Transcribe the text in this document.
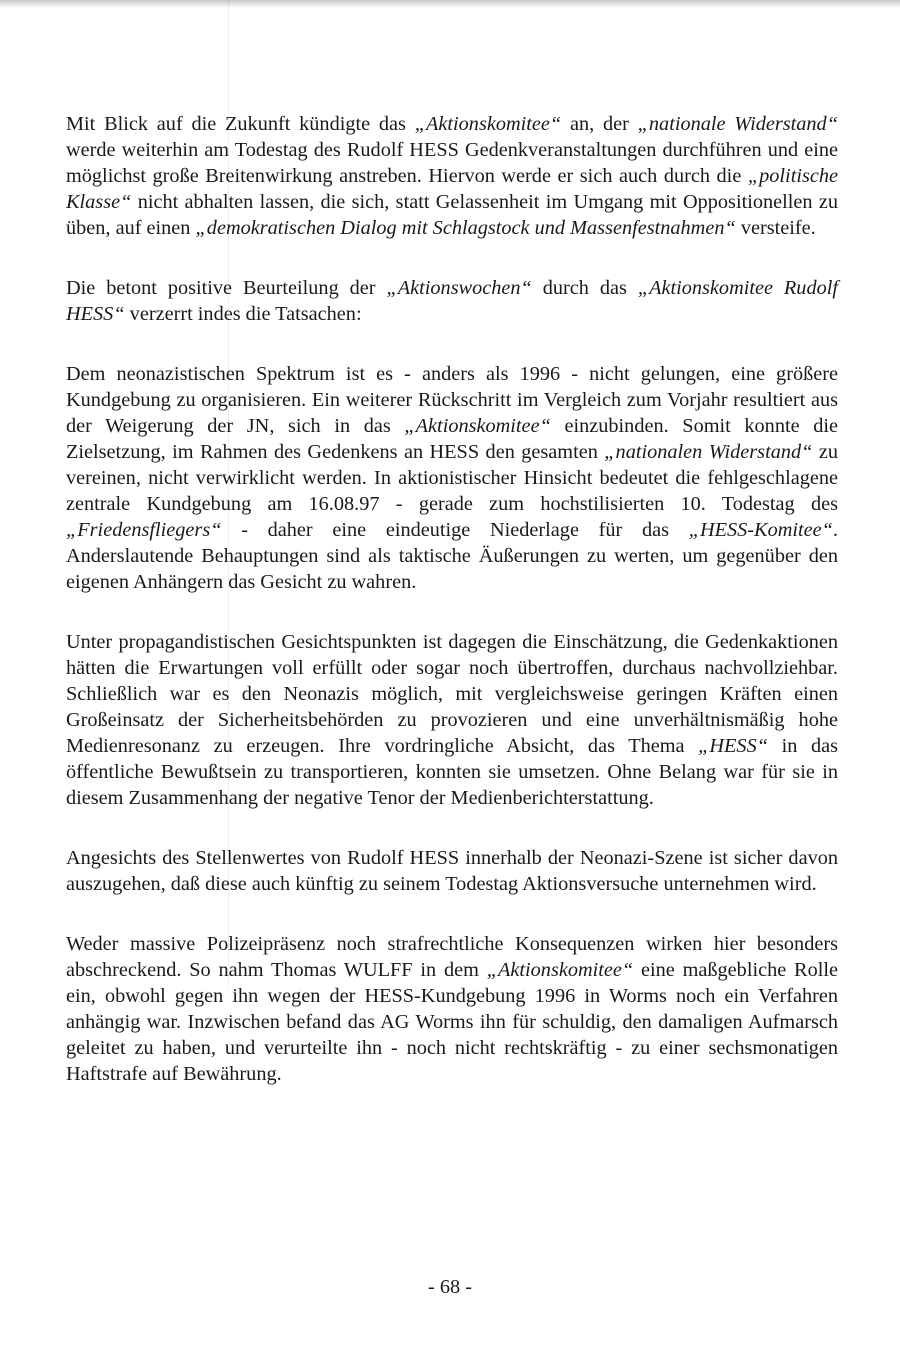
Mit Blick auf die Zukunft kündigte das „Aktionskomitee“ an, der „nationale Widerstand“ werde weiterhin am Todestag des Rudolf HESS Gedenkveranstaltungen durchführen und eine möglichst große Breitenwirkung anstreben. Hiervon werde er sich auch durch die „politische Klasse“ nicht abhalten lassen, die sich, statt Gelassenheit im Umgang mit Oppositionellen zu üben, auf einen „demokratischen Dialog mit Schlagstock und Massenfestnahmen“ versteife.

Die betont positive Beurteilung der „Aktionswochen“ durch das „Aktionskomitee Rudolf HESS“ verzerrt indes die Tatsachen:

Dem neonazistischen Spektrum ist es - anders als 1996 - nicht gelungen, eine größere Kundgebung zu organisieren. Ein weiterer Rückschritt im Vergleich zum Vorjahr resultiert aus der Weigerung der JN, sich in das „Aktionskomitee“ einzubinden. Somit konnte die Zielsetzung, im Rahmen des Gedenkens an HESS den gesamten „nationalen Widerstand“ zu vereinen, nicht verwirklicht werden. In aktionistischer Hinsicht bedeutet die fehlgeschlagene zentrale Kundgebung am 16.08.97 - gerade zum hochstilisierten 10. Todestag des „Friedensfliegers“ - daher eine eindeutige Niederlage für das „HESS-Komitee“. Anderslautende Behauptungen sind als taktische Äußerungen zu werten, um gegenüber den eigenen Anhängern das Gesicht zu wahren.

Unter propagandistischen Gesichtspunkten ist dagegen die Einschätzung, die Gedenkaktionen hätten die Erwartungen voll erfüllt oder sogar noch übertroffen, durchaus nachvollziehbar. Schließlich war es den Neonazis möglich, mit vergleichsweise geringen Kräften einen Großeinsatz der Sicherheitsbehörden zu provozieren und eine unverhältnismäßig hohe Medienresonanz zu erzeugen. Ihre vordringliche Absicht, das Thema „HESS“ in das öffentliche Bewußtsein zu transportieren, konnten sie umsetzen. Ohne Belang war für sie in diesem Zusammenhang der negative Tenor der Medienberichterstattung.

Angesichts des Stellenwertes von Rudolf HESS innerhalb der Neonazi-Szene ist sicher davon auszugehen, daß diese auch künftig zu seinem Todestag Aktionsversuche unternehmen wird.

Weder massive Polizeipräsenz noch strafrechtliche Konsequenzen wirken hier besonders abschreckend. So nahm Thomas WULFF in dem „Aktionskomitee“ eine maßgebliche Rolle ein, obwohl gegen ihn wegen der HESS-Kundgebung 1996 in Worms noch ein Verfahren anhängig war. Inzwischen befand das AG Worms ihn für schuldig, den damaligen Aufmarsch geleitet zu haben, und verurteilte ihn - noch nicht rechtskräftig - zu einer sechsmonatigen Haftstrafe auf Bewährung.

- 68 -
